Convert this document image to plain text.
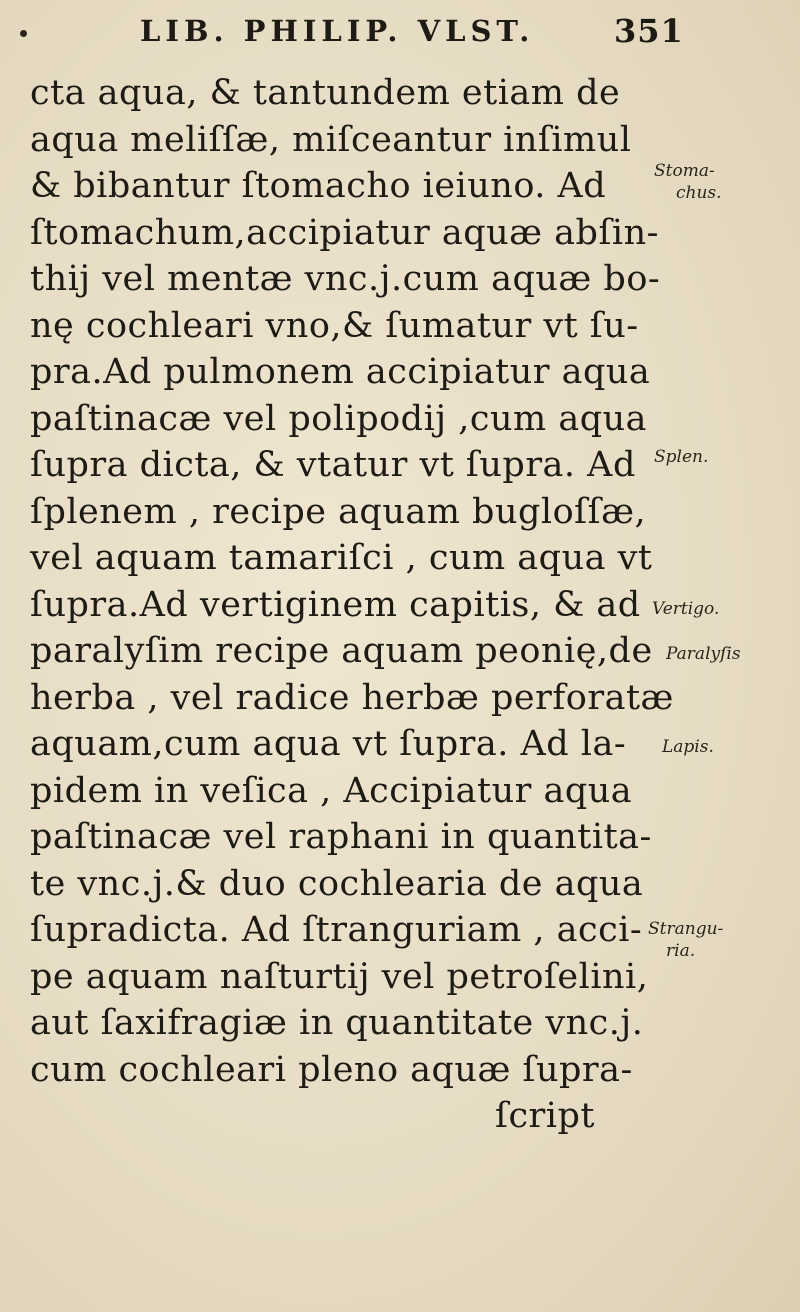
LIB. PHILIP. VLST.	351
cta aqua, & tantundem etiam de
aqua meliſſæ, miſceantur inſimul
& bibantur ſtomacho ieiuno. Ad
ſtomachum,accipiatur aquæ abſin-
thij vel mentæ vnc.j.cum aquæ bo-
nę cochleari vno,& ſumatur vt ſu-
pra.Ad pulmonem accipiatur aqua
paſtinacæ vel polipodij ,cum aqua
ſupra dicta, & vtatur vt ſupra. Ad
ſplenem , recipe aquam bugloſſæ,
vel aquam tamariſci , cum aqua vt
ſupra.Ad vertiginem capitis, & ad
paralyſim recipe aquam peonię,de
herba , vel radice herbæ perforatæ
aquam,cum aqua vt ſupra. Ad la-
pidem in veſica , Accipiatur aqua
paſtinacæ vel raphani in quantita-
te vnc.j.& duo cochlearia de aqua
ſupradicta. Ad ſtranguriam , acci-
pe aquam naſturtij vel petroſelini,
aut ſaxifragiæ in quantitate vnc.j.
cum cochleari pleno aquæ ſupra-
ſcript
Stoma-
chus.
Splen.
Vertigo.
Paralyſis
Lapis.
Strangu-
ria.
